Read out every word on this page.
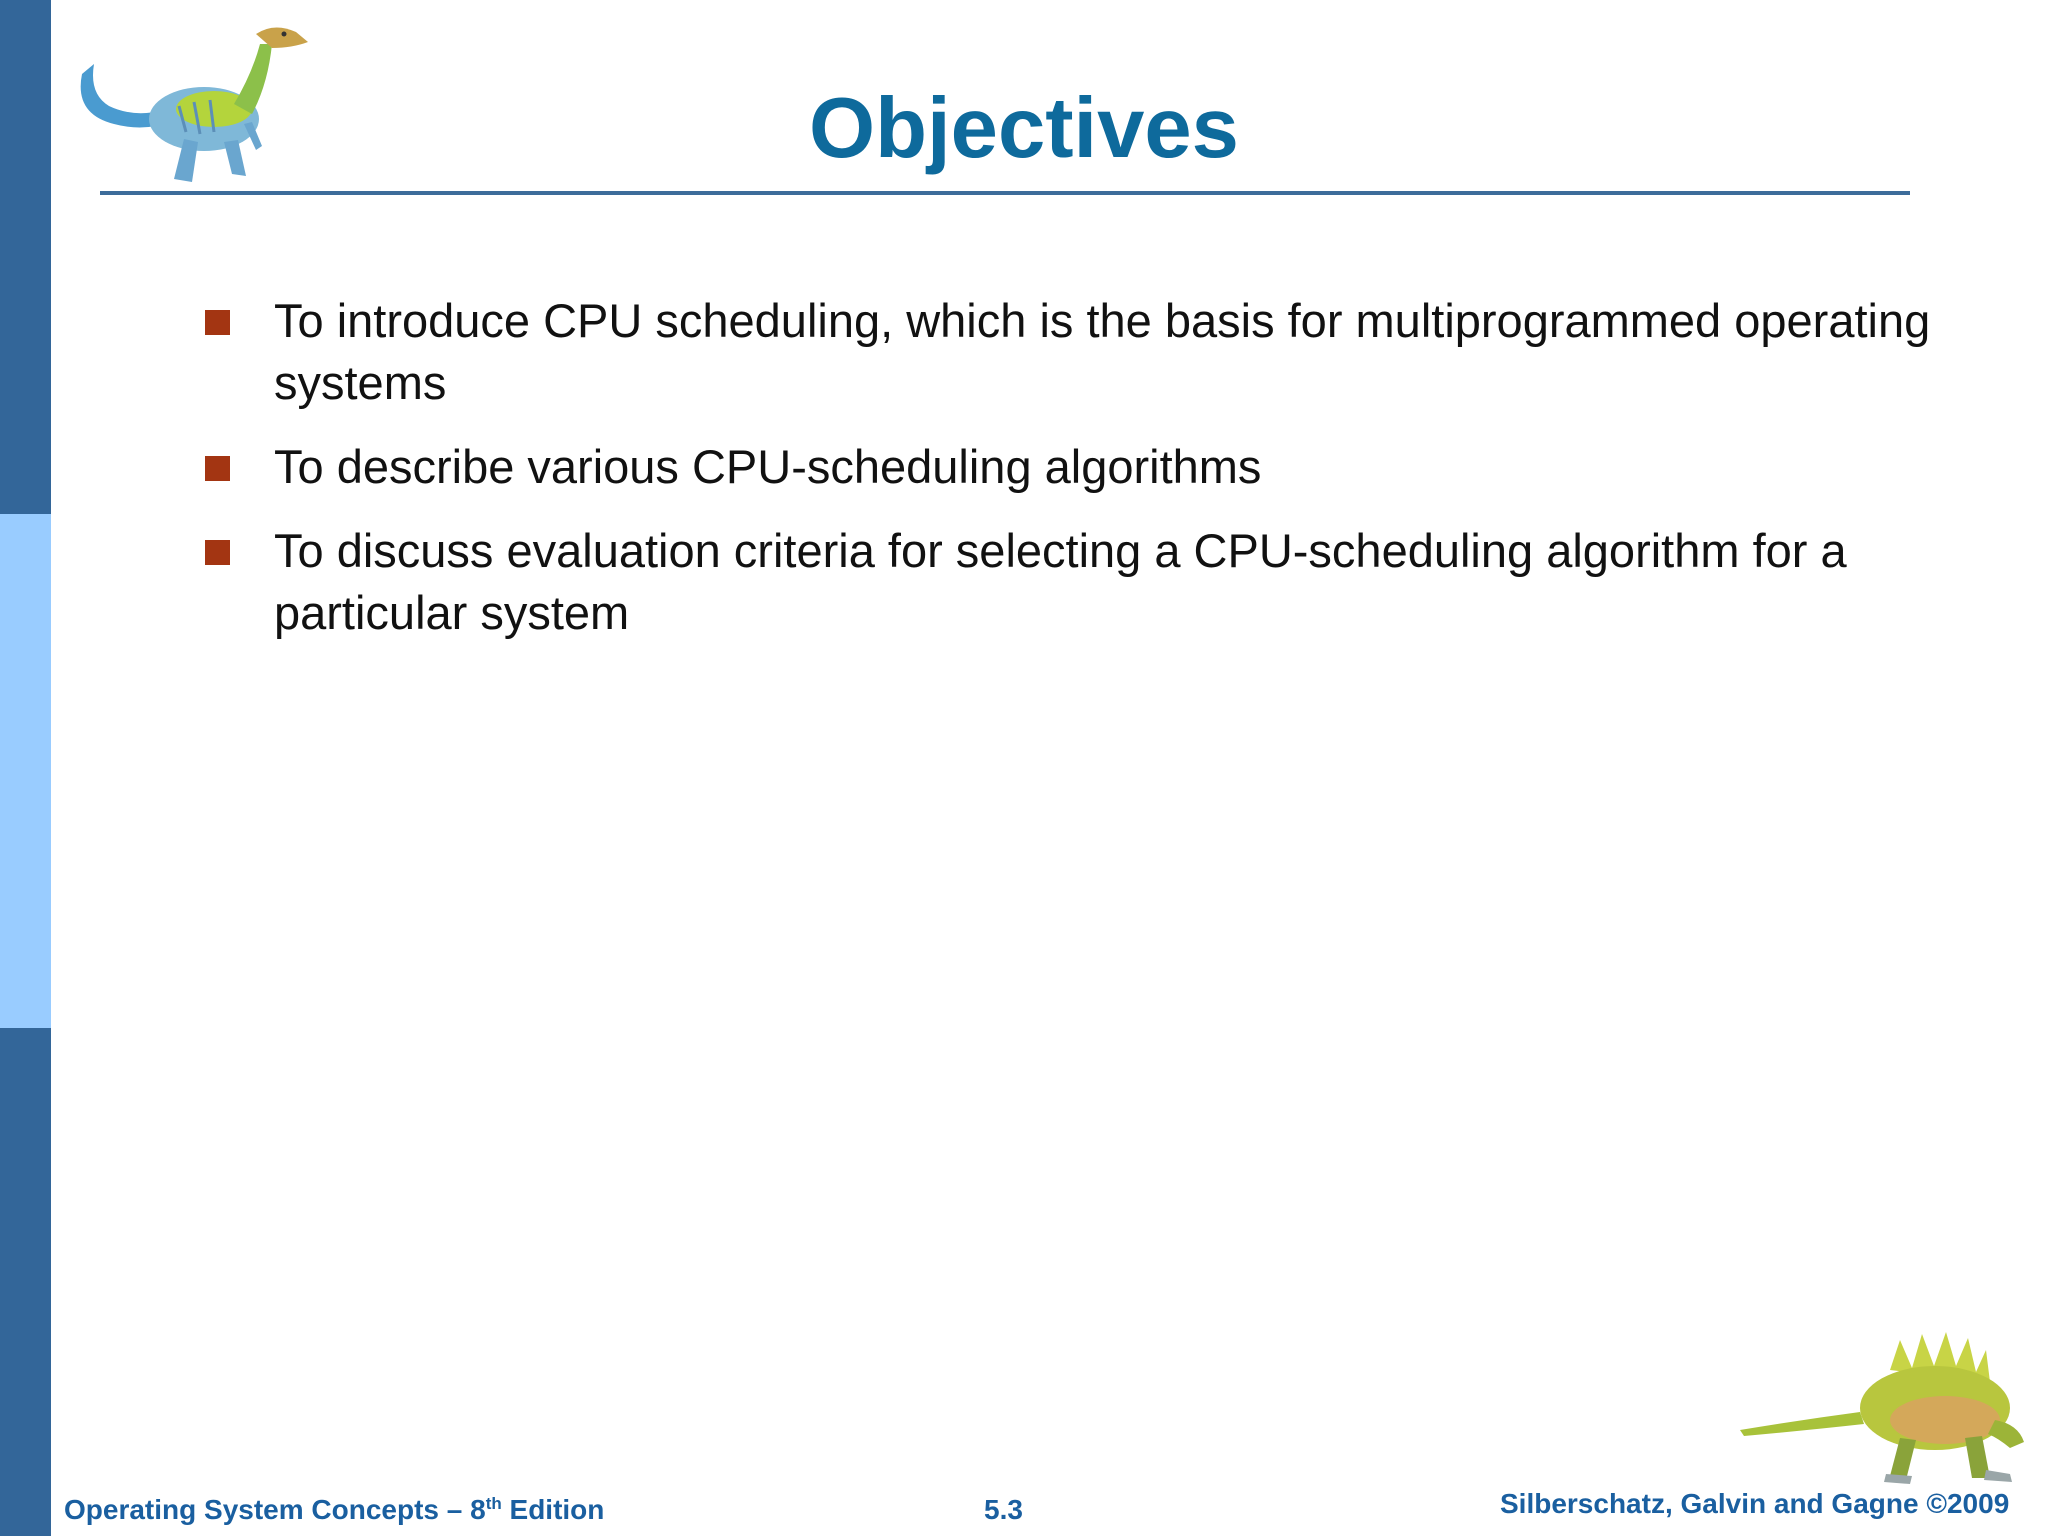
Objectives
To introduce CPU scheduling, which is the basis for multiprogrammed operating systems
To describe various CPU-scheduling algorithms
To discuss evaluation criteria for selecting a CPU-scheduling algorithm for a particular system
Operating System Concepts – 8th Edition	5.3	Silberschatz, Galvin and Gagne ©2009
